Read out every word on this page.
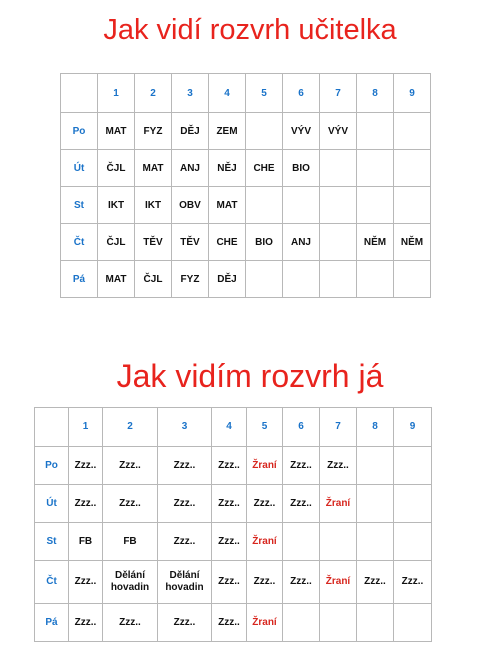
Jak vidí rozvrh učitelka
	1	2	3	4	5	6	7	8	9
Po	MAT	FYZ	DĚJ	ZEM		VÝV	VÝV		
Út	ČJL	MAT	ANJ	NĚJ	CHE	BIO			
St	IKT	IKT	OBV	MAT					
Čt	ČJL	TĚV	TĚV	CHE	BIO	ANJ		NĚM	NĚM
Pá	MAT	ČJL	FYZ	DĚJ					
Jak vidím rozvrh já
	1	2	3	4	5	6	7	8	9
Po	Zzz..	Zzz..	Zzz..	Zzz..	Žraní	Zzz..	Zzz..		
Út	Zzz..	Zzz..	Zzz..	Zzz..	Zzz..	Zzz..	Žraní		
St	FB	FB	Zzz..	Zzz..	Žraní				
Čt	Zzz..	Dělání hovadin	Dělání hovadin	Zzz..	Zzz..	Zzz..	Žraní	Zzz..	Zzz..
Pá	Zzz..	Zzz..	Zzz..	Zzz..	Žraní				
